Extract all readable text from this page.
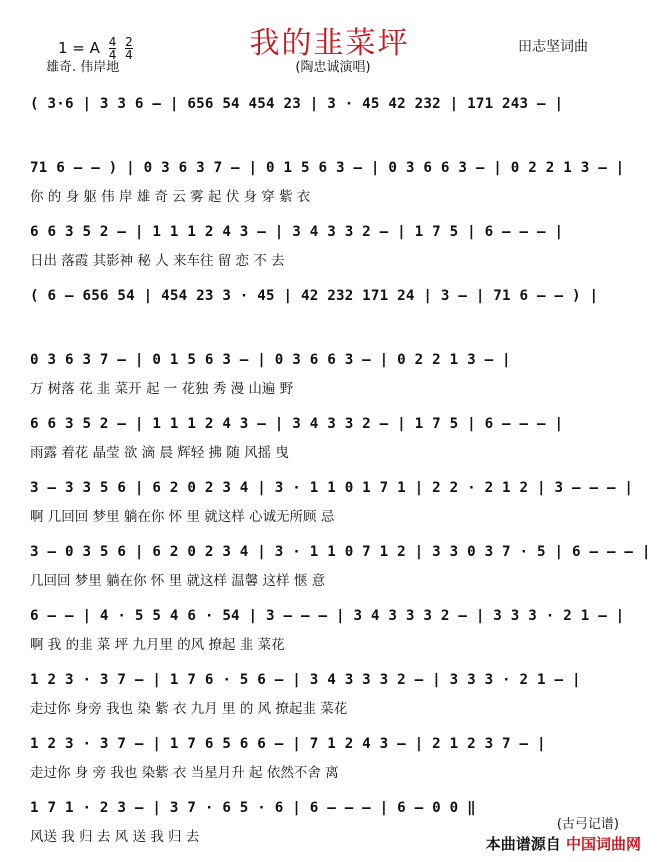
1 = A $\frac{4}{4}$
$\frac{2}{4}$	我的韭菜坪	田志坚词曲
雄奇. 伟岸地	(陶忠诚演唱)
( 3·6 | 3 3 6 – | 656 54 454 23 | 3 · 45 42 232 | 171 243 – |
71 6 – – ) | 0 3 6 3 7 – | 0 1 5 6 3 – | 0 3 6 6 3 – | 0 2 2 1 3 – |
你 的 身 躯 伟 岸 雄 奇 云 雾 起 伏 身 穿 紫 衣
6 6 3 5 2 – | 1 1 1 2 4 3 – | 3 4 3 3 2 – | 1 7 5 | 6 – – – |
日出 落霞 其影神 秘 人 来车往 留 恋 不 去
( 6 – 656 54 | 454 23 3 · 45 | 42 232 171 24 | 3 – | 71 6 – – ) |
0 3 6 3 7 – | 0 1 5 6 3 – | 0 3 6 6 3 – | 0 2 2 1 3 – |
万 树落 花 韭 菜开 起 一 花独 秀 漫 山遍 野
6 6 3 5 2 – | 1 1 1 2 4 3 – | 3 4 3 3 2 – | 1 7 5 | 6 – – – |
雨露 着花 晶莹 欲 滴 晨 辉轻 拂 随 风摇 曳
3 – 3 3 5 6 | 6 2 0 2 3 4 | 3 · 1 1 0 1 7 1 | 2 2 · 2 1 2 | 3 – – – |
啊 几回回 梦里 躺在你 怀 里 就这样 心诚无所顾 忌
3 – 0 3 5 6 | 6 2 0 2 3 4 | 3 · 1 1 0 7 1 2 | 3 3 0 3 7 · 5 | 6 – – – |
几回回 梦里 躺在你 怀 里 就这样 温馨 这样 惬 意
6 – – | 4 · 5 5 4 6 · 54 | 3 – – – | 3 4 3 3 3 2 – | 3 3 3 · 2 1 – |
啊 我 的韭 菜 坪 九月里 的风 撩起 韭 菜花
1 2 3 · 3 7 – | 1 7 6 · 5 6 – | 3 4 3 3 3 2 – | 3 3 3 · 2 1 – |
走过你 身旁 我也 染 紫 衣 九月 里 的 风 撩起韭 菜花
1 2 3 · 3 7 – | 1 7 6 5 6 6 – | 7 1 2 4 3 – | 2 1 2 3 7 – |
走过你 身 旁 我也 染紫 衣 当星月升 起 依然不舍 离
1 7 1 · 2 3 – | 3 7 · 6 5 · 6 | 6 – – – | 6 – 0 0 ‖
风送 我 归 去 风 送 我 归 去
(古弓记谱)
本曲谱源自 中国词曲网
